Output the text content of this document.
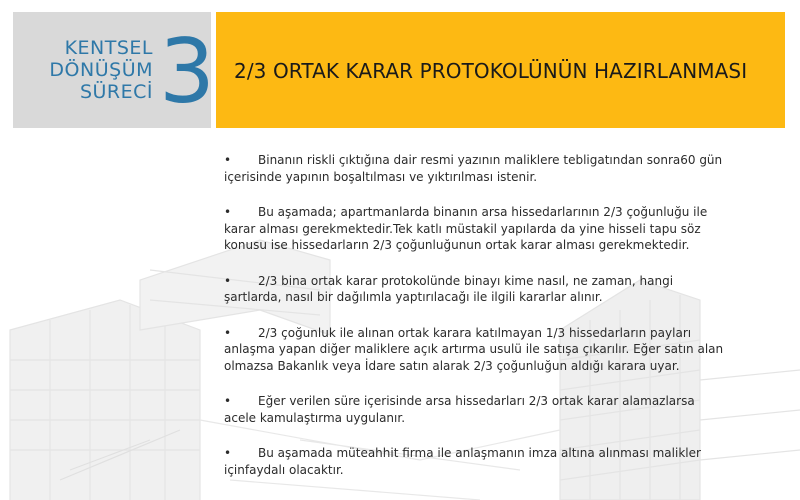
KENTSEL
DÖNÜŞÜM
SÜRECİ 3 2/3 ORTAK KARAR PROTOKOLÜNÜN HAZIRLANMASI
• Binanın riskli çıktığına dair resmi yazının maliklere tebligatından sonra60 gün
içerisinde yapının boşaltılması ve yıktırılması istenir.
• Bu aşamada; apartmanlarda binanın arsa hissedarlarının 2/3 çoğunluğu ile
karar alması gerekmektedir.Tek katlı müstakil yapılarda da yine hisseli tapu söz
konusu ise hissedarların 2/3 çoğunluğunun ortak karar alması gerekmektedir.
• 2/3 bina ortak karar protokolünde binayı kime nasıl, ne zaman, hangi
şartlarda, nasıl bir dağılımla yaptırılacağı ile ilgili kararlar alınır.
• 2/3 çoğunluk ile alınan ortak karara katılmayan 1/3 hissedarların payları
anlaşma yapan diğer maliklere açık artırma usulü ile satışa çıkarılır. Eğer satın alan
olmazsa Bakanlık veya İdare satın alarak 2/3 çoğunluğun aldığı karara uyar.
• Eğer verilen süre içerisinde arsa hissedarları 2/3 ortak karar alamazlarsa
acele kamulaştırma uygulanır.
• Bu aşamada müteahhit firma ile anlaşmanın imza altına alınması malikler
içinfaydalı olacaktır.
